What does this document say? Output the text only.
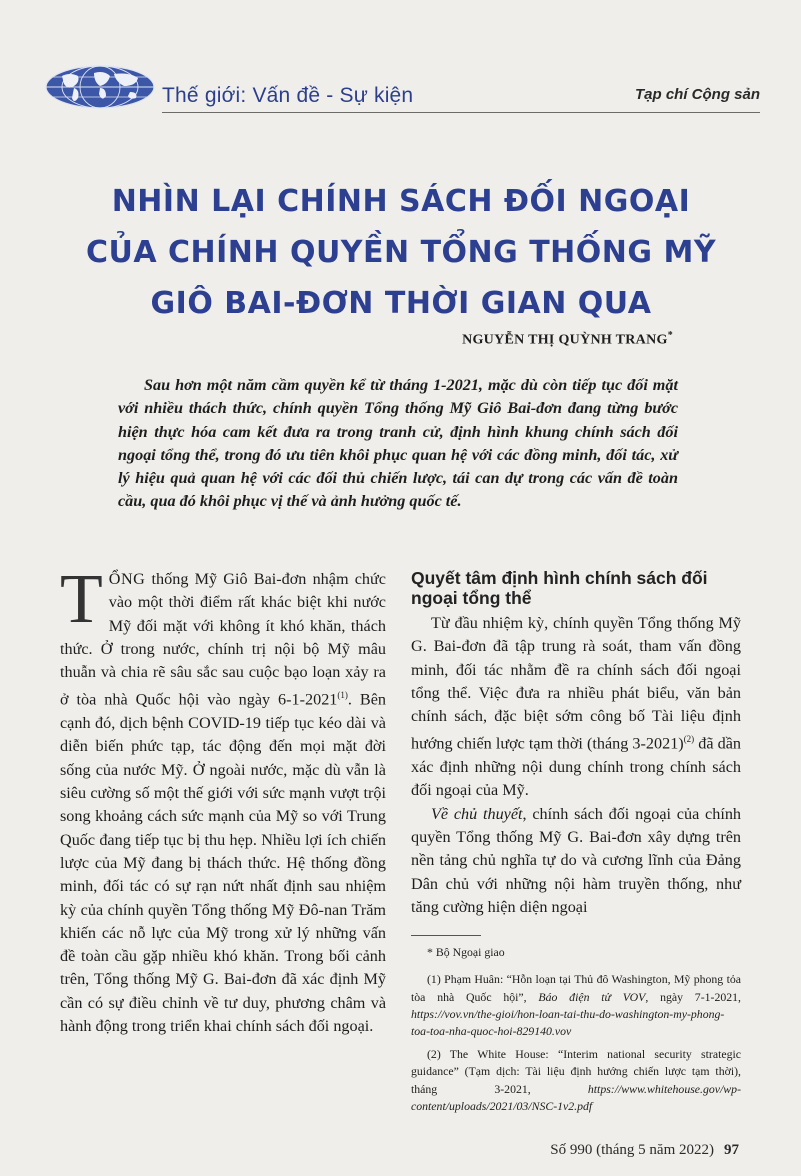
Thế giới: Vấn đề - Sự kiện	Tạp chí Cộng sản
NHÌN LẠI CHÍNH SÁCH ĐỐI NGOẠI
CỦA CHÍNH QUYỀN TỔNG THỐNG MỸ
GIÔ BAI-ĐƠN THỜI GIAN QUA
NGUYỄN THỊ QUỲNH TRANG*

Sau hơn một năm cầm quyền kể từ tháng 1-2021, mặc dù còn tiếp tục đối mặt với nhiều thách thức, chính quyền Tổng thống Mỹ Giô Bai-đơn đang từng bước hiện thực hóa cam kết đưa ra trong tranh cử, định hình khung chính sách đối ngoại tổng thể, trong đó ưu tiên khôi phục quan hệ với các đồng minh, đối tác, xử lý hiệu quả quan hệ với các đối thủ chiến lược, tái can dự trong các vấn đề toàn cầu, qua đó khôi phục vị thế và ảnh hưởng quốc tế.

TỔNG thống Mỹ Giô Bai-đơn nhậm chức vào một thời điểm rất khác biệt khi nước Mỹ đối mặt với không ít khó khăn, thách thức. Ở trong nước, chính trị nội bộ Mỹ mâu thuẫn và chia rẽ sâu sắc sau cuộc bạo loạn xảy ra ở tòa nhà Quốc hội vào ngày 6-1-2021$^{(1)}$. Bên cạnh đó, dịch bệnh COVID-19 tiếp tục kéo dài và diễn biến phức tạp, tác động đến mọi mặt đời sống của nước Mỹ. Ở ngoài nước, mặc dù vẫn là siêu cường số một thế giới với sức mạnh vượt trội song khoảng cách sức mạnh của Mỹ so với Trung Quốc đang tiếp tục bị thu hẹp. Nhiều lợi ích chiến lược của Mỹ đang bị thách thức. Hệ thống đồng minh, đối tác có sự rạn nứt nhất định sau nhiệm kỳ của chính quyền Tổng thống Mỹ Đô-nan Trăm khiến các nỗ lực của Mỹ trong xử lý những vấn đề toàn cầu gặp nhiều khó khăn. Trong bối cảnh trên, Tổng thống Mỹ G. Bai-đơn đã xác định Mỹ cần có sự điều chỉnh về tư duy, phương châm và hành động trong triển khai chính sách đối ngoại.

Quyết tâm định hình chính sách đối ngoại tổng thể

Từ đầu nhiệm kỳ, chính quyền Tổng thống Mỹ G. Bai-đơn đã tập trung rà soát, tham vấn đồng minh, đối tác nhằm đề ra chính sách đối ngoại tổng thể. Việc đưa ra nhiều phát biểu, văn bản chính sách, đặc biệt sớm công bố Tài liệu định hướng chiến lược tạm thời (tháng 3-2021)$^{(2)}$ đã dần xác định những nội dung chính trong chính sách đối ngoại của Mỹ.

Về chủ thuyết, chính sách đối ngoại của chính quyền Tổng thống Mỹ G. Bai-đơn xây dựng trên nền tảng chủ nghĩa tự do và cương lĩnh của Đảng Dân chủ với những nội hàm truyền thống, như tăng cường hiện diện ngoại

* Bộ Ngoại giao

(1) Phạm Huân: “Hỗn loạn tại Thủ đô Washington, Mỹ phong tỏa tòa nhà Quốc hội”, Báo điện tử VOV, ngày 7-1-2021, https://vov.vn/the-gioi/hon-loan-tai-thu-do-washington-my-phong-toa-toa-nha-quoc-hoi-829140.vov

(2) The White House: “Interim national security strategic guidance” (Tạm dịch: Tài liệu định hướng chiến lược tạm thời), tháng 3-2021, https://www.whitehouse.gov/wp-content/uploads/2021/03/NSC-1v2.pdf

Số 990 (tháng 5 năm 2022) 97
